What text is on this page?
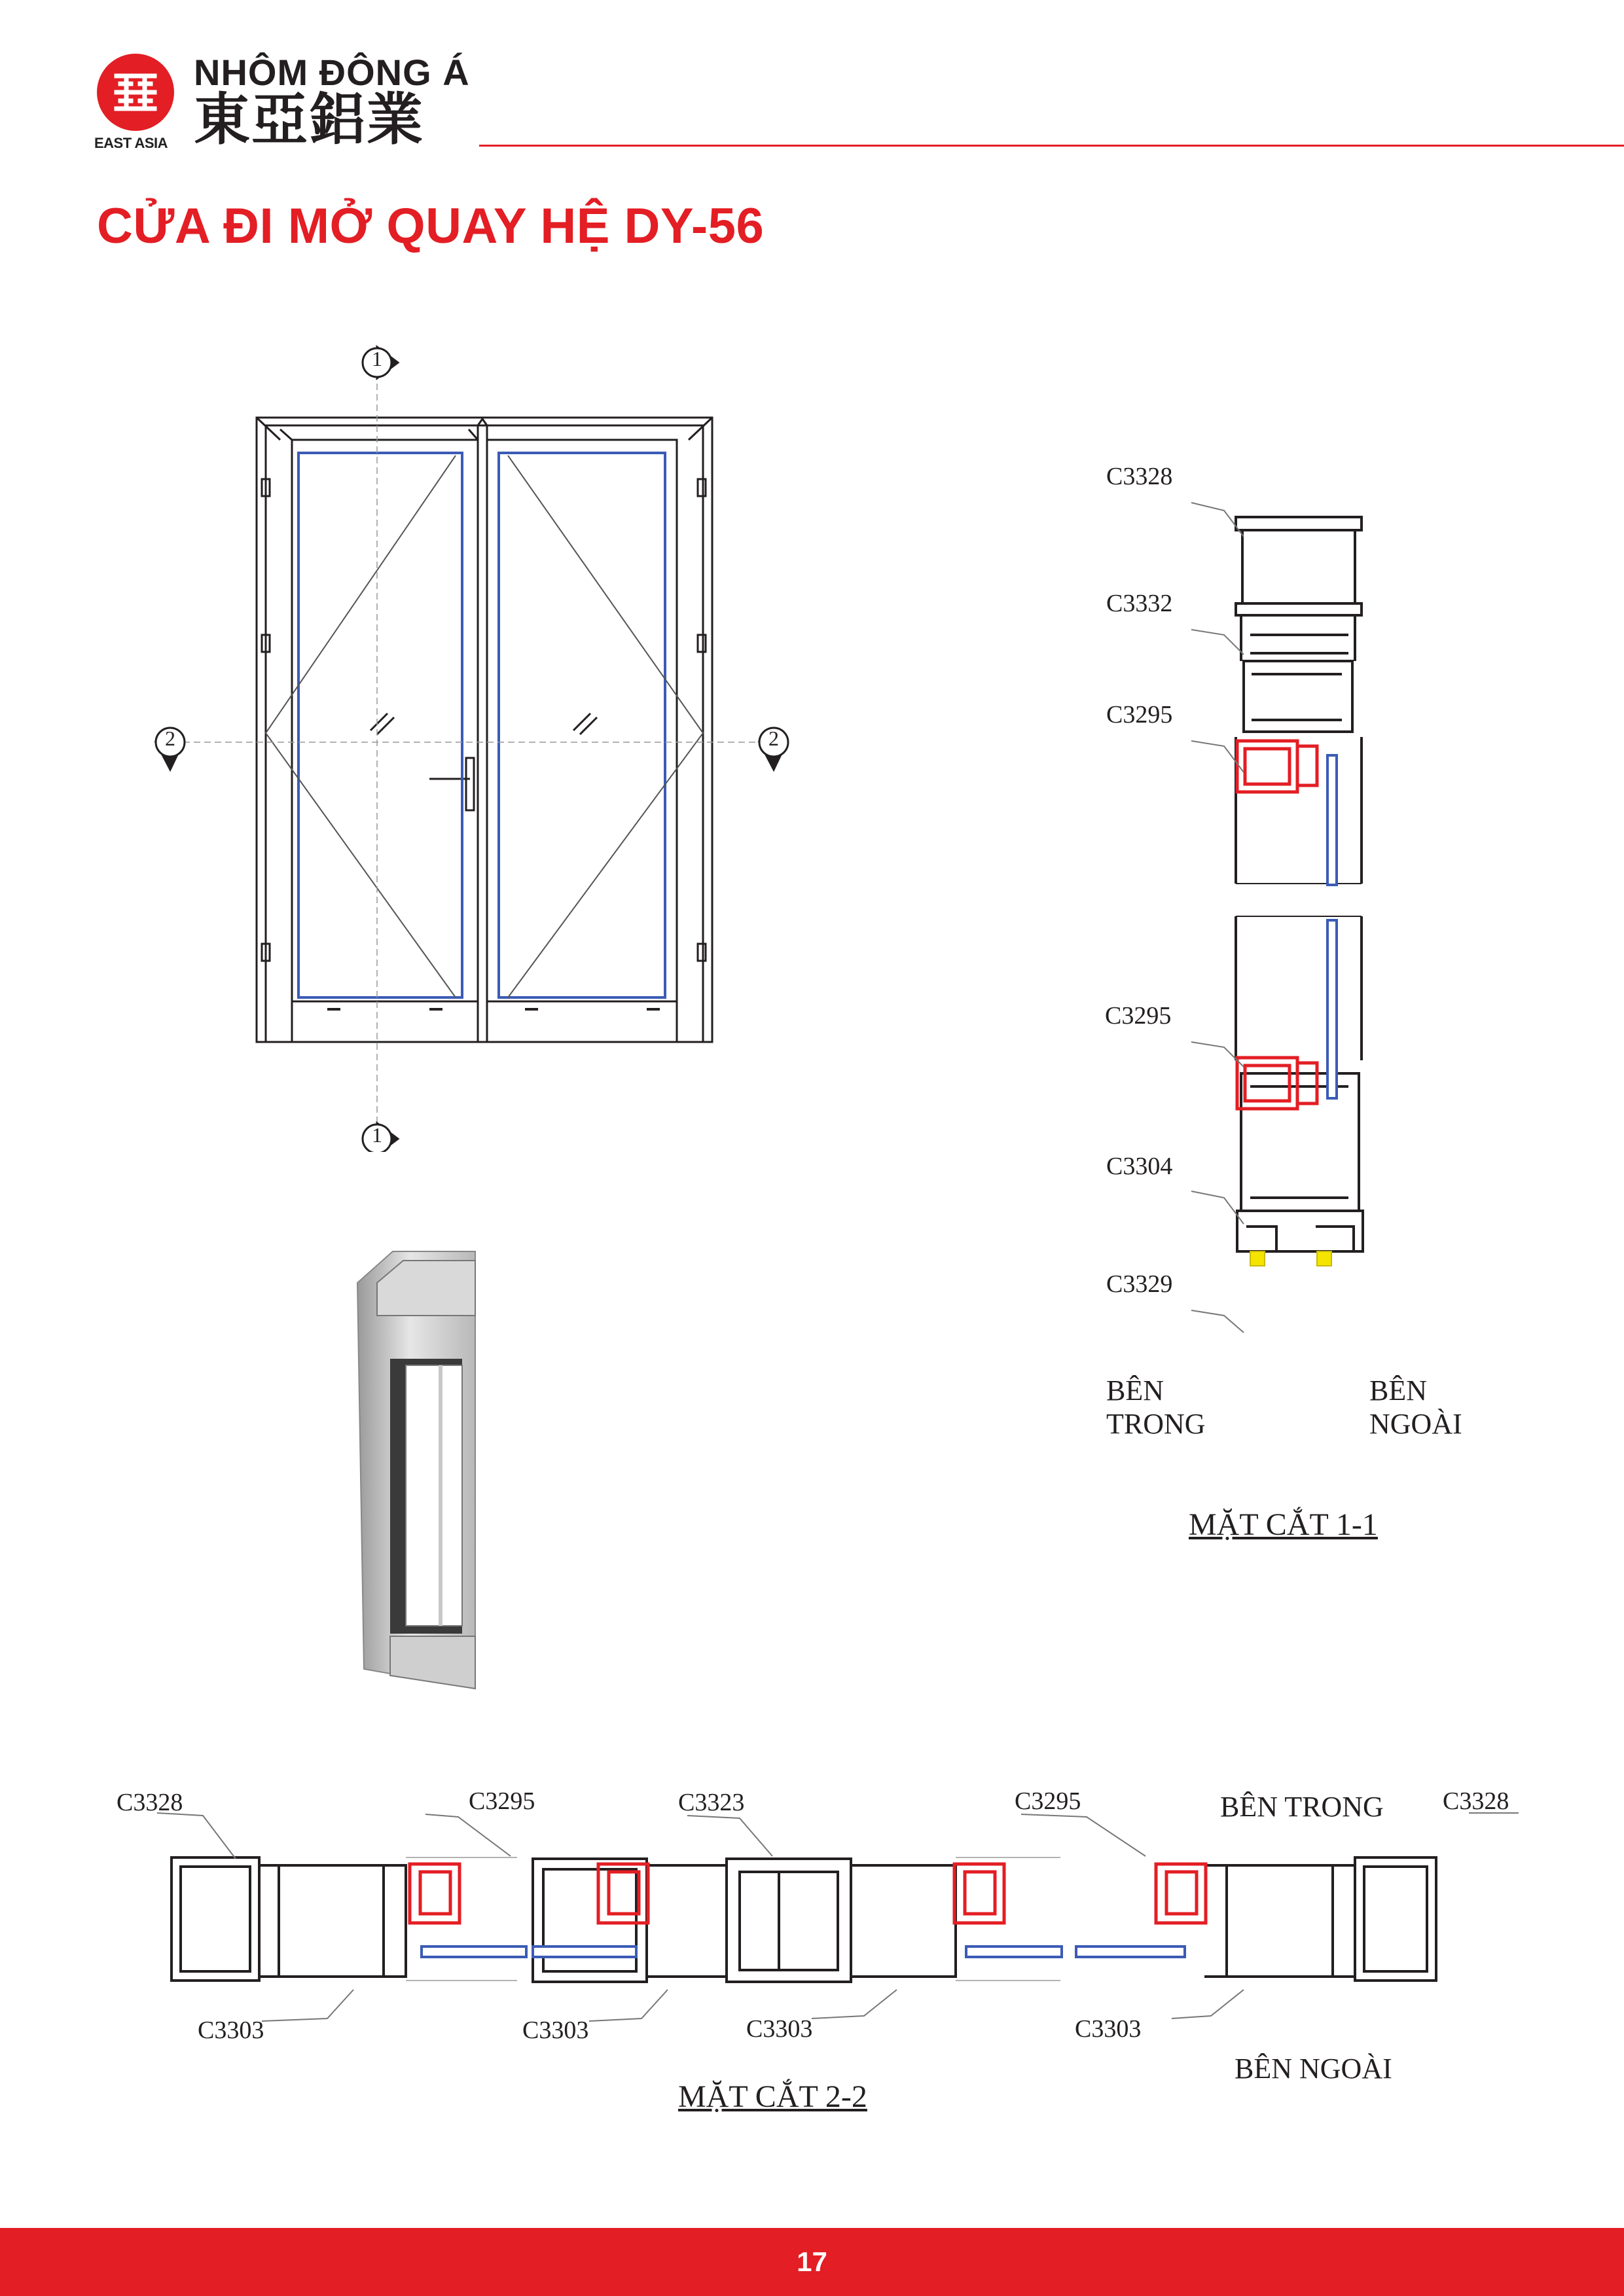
EAST ASIA
NHÔM ĐÔNG Á
東亞鋁業
CỬA ĐI MỞ QUAY HỆ DY-56
1
1
2	2
C3328
C3332
C3295
C3295
C3304
C3329
BÊN
TRONG
BÊN
NGOÀI
MẶT CẮT 1-1
C3328	C3295	C3323	C3295	C3328
BÊN TRONG
C3303	C3303	C3303	C3303
BÊN NGOÀI
MẶT CẮT 2-2
17
